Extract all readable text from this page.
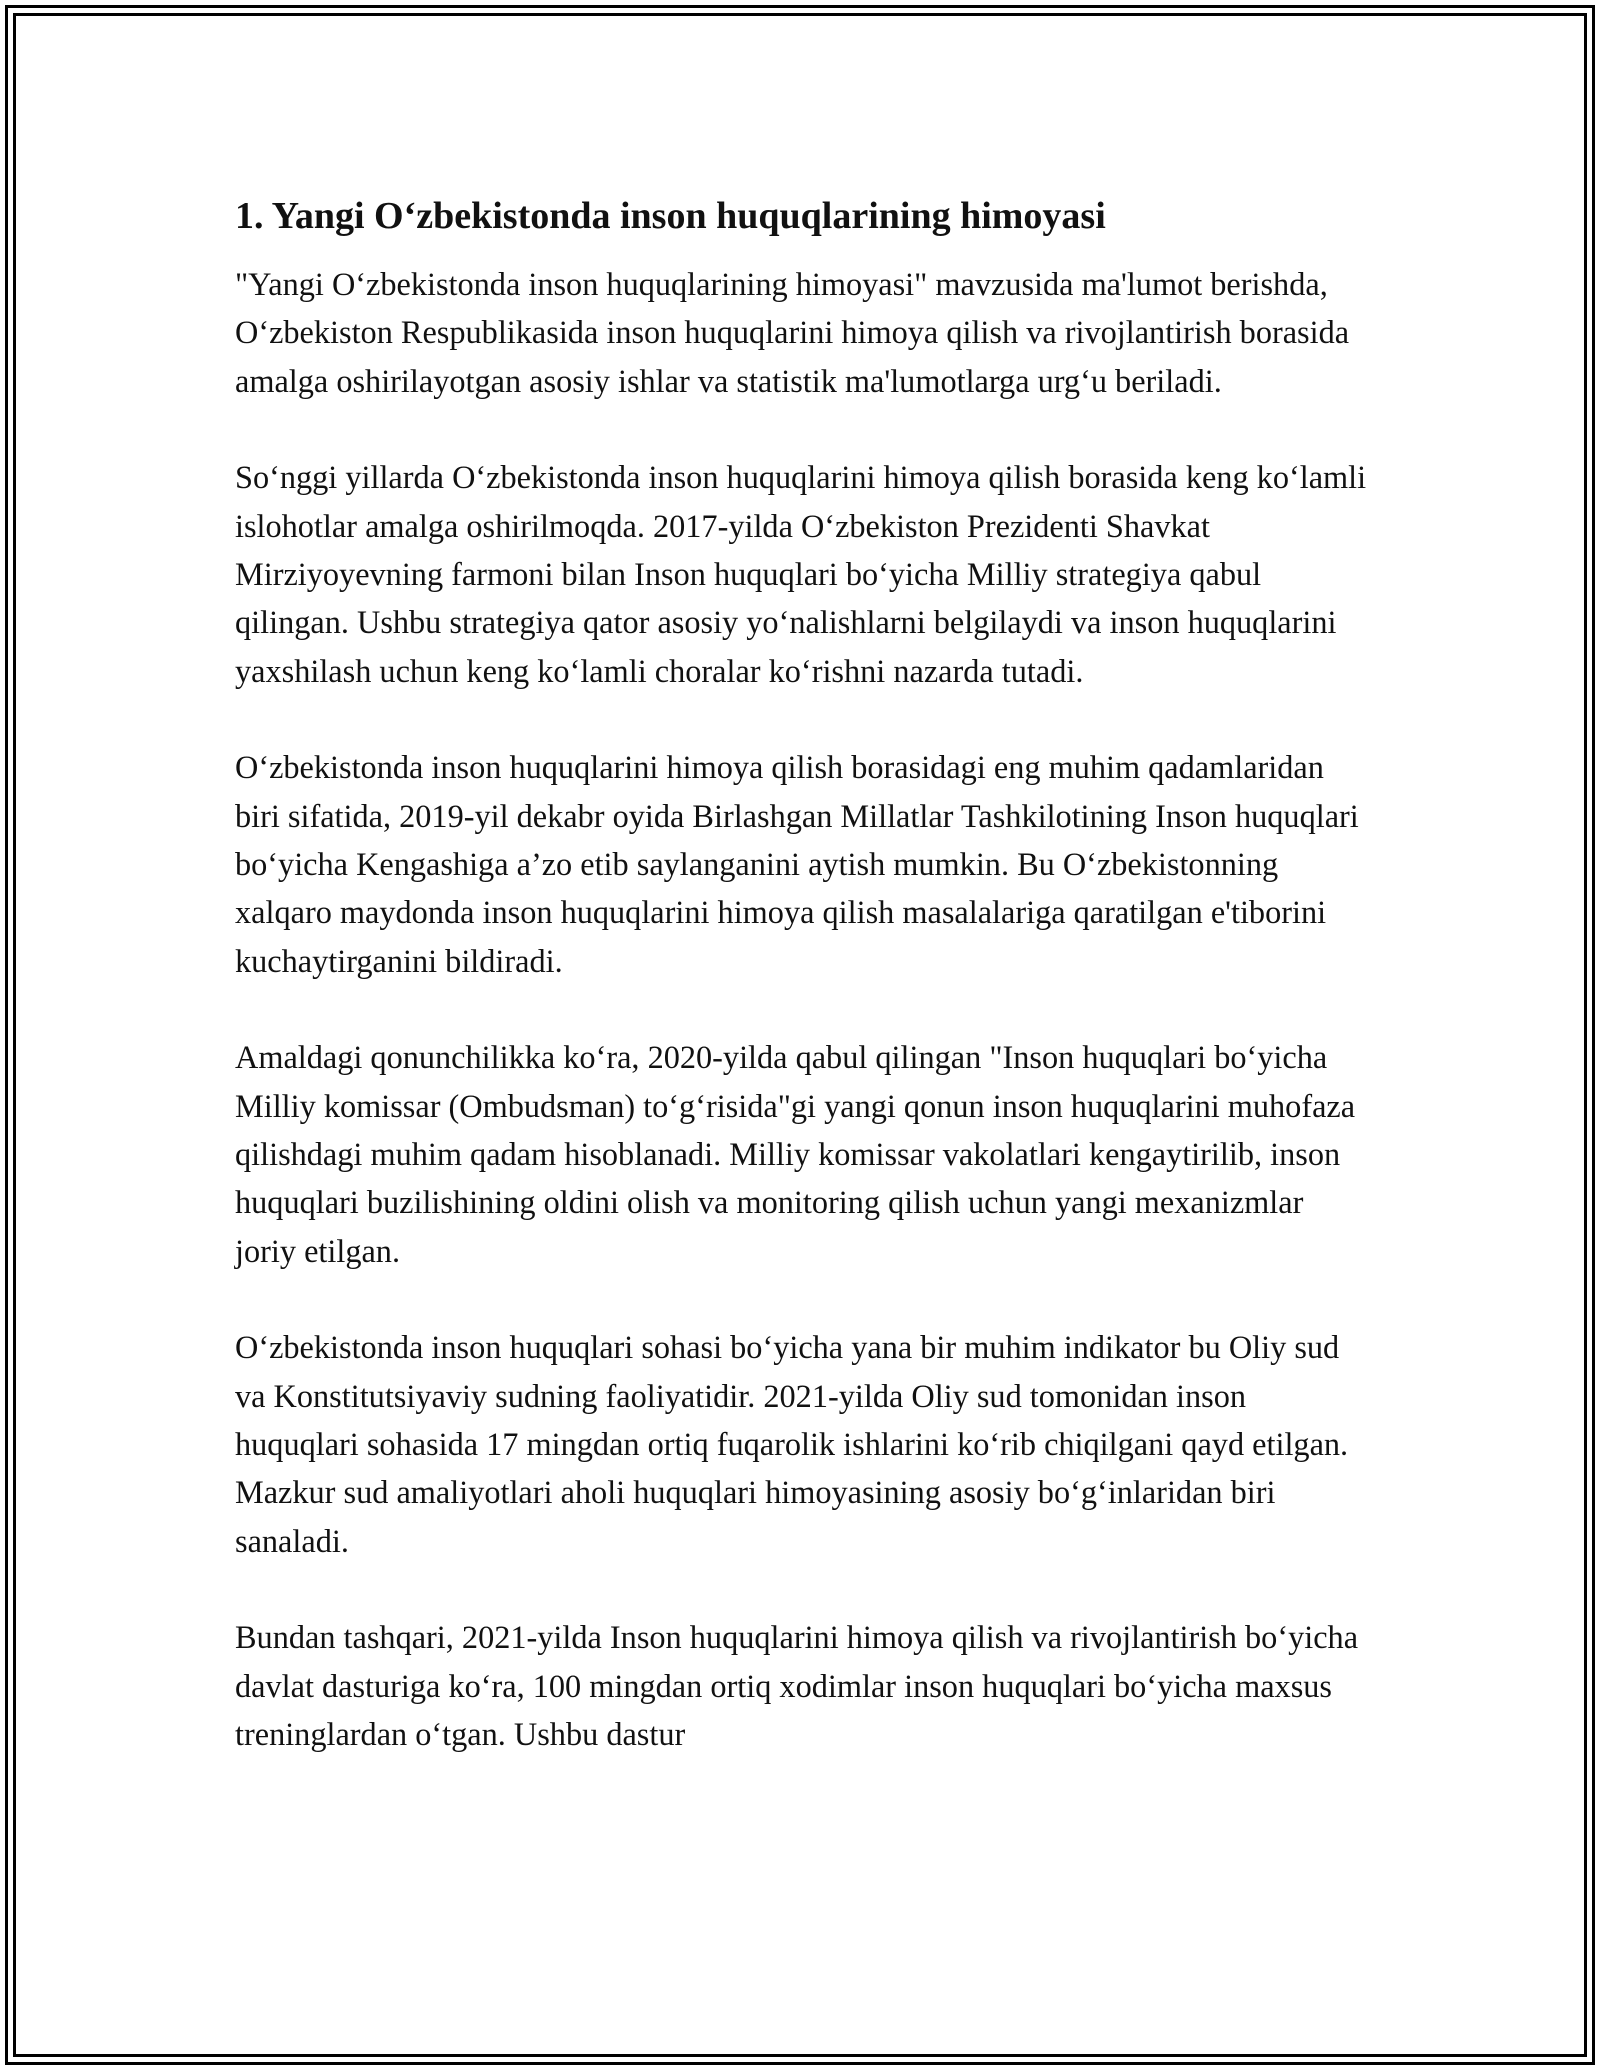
1. Yangi O‘zbekistonda inson huquqlarining himoyasi

"Yangi O‘zbekistonda inson huquqlarining himoyasi" mavzusida ma'lumot berishda, O‘zbekiston Respublikasida inson huquqlarini himoya qilish va rivojlantirish borasida amalga oshirilayotgan asosiy ishlar va statistik ma'lumotlarga urg‘u beriladi.

So‘nggi yillarda O‘zbekistonda inson huquqlarini himoya qilish borasida keng ko‘lamli islohotlar amalga oshirilmoqda. 2017-yilda O‘zbekiston Prezidenti Shavkat Mirziyoyevning farmoni bilan Inson huquqlari bo‘yicha Milliy strategiya qabul qilingan. Ushbu strategiya qator asosiy yo‘nalishlarni belgilaydi va inson huquqlarini yaxshilash uchun keng ko‘lamli choralar ko‘rishni nazarda tutadi.

O‘zbekistonda inson huquqlarini himoya qilish borasidagi eng muhim qadamlaridan biri sifatida, 2019-yil dekabr oyida Birlashgan Millatlar Tashkilotining Inson huquqlari bo‘yicha Kengashiga a’zo etib saylanganini aytish mumkin. Bu O‘zbekistonning xalqaro maydonda inson huquqlarini himoya qilish masalalariga qaratilgan e'tiborini kuchaytirganini bildiradi.

Amaldagi qonunchilikka ko‘ra, 2020-yilda qabul qilingan "Inson huquqlari bo‘yicha Milliy komissar (Ombudsman) to‘g‘risida"gi yangi qonun inson huquqlarini muhofaza qilishdagi muhim qadam hisoblanadi. Milliy komissar vakolatlari kengaytirilib, inson huquqlari buzilishining oldini olish va monitoring qilish uchun yangi mexanizmlar joriy etilgan.

O‘zbekistonda inson huquqlari sohasi bo‘yicha yana bir muhim indikator bu Oliy sud va Konstitutsiyaviy sudning faoliyatidir. 2021-yilda Oliy sud tomonidan inson huquqlari sohasida 17 mingdan ortiq fuqarolik ishlarini ko‘rib chiqilgani qayd etilgan. Mazkur sud amaliyotlari aholi huquqlari himoyasining asosiy bo‘g‘inlaridan biri sanaladi.

Bundan tashqari, 2021-yilda Inson huquqlarini himoya qilish va rivojlantirish bo‘yicha davlat dasturiga ko‘ra, 100 mingdan ortiq xodimlar inson huquqlari bo‘yicha maxsus treninglardan o‘tgan. Ushbu dastur
